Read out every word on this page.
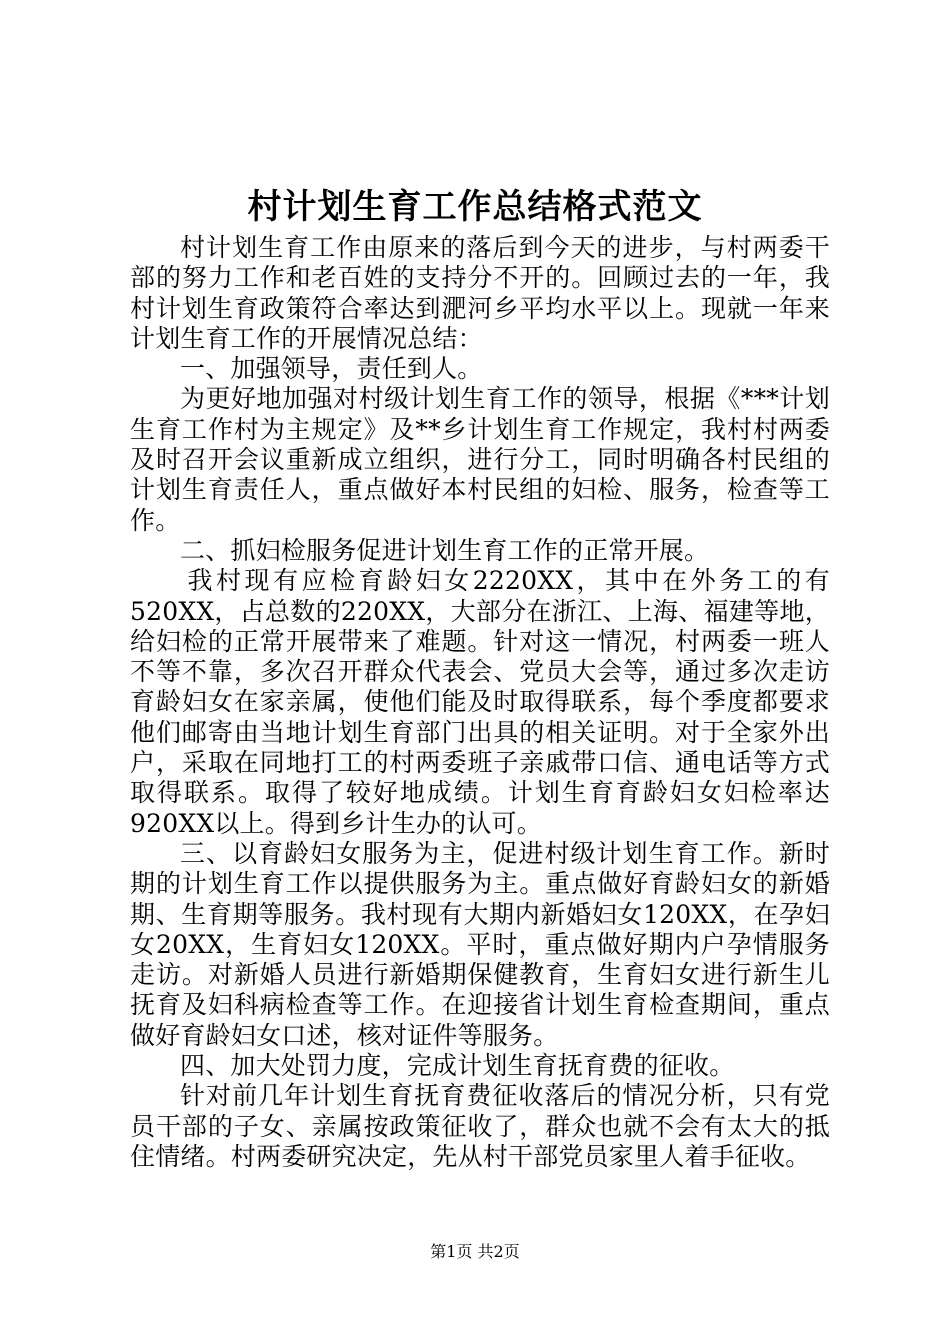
村计划生育工作总结格式范文

村计划生育工作由原来的落后到今天的进步，与村两委干部的努力工作和老百姓的支持分不开的。回顾过去的一年，我村计划生育政策符合率达到淝河乡平均水平以上。现就一年来计划生育工作的开展情况总结：

一、加强领导，责任到人。

为更好地加强对村级计划生育工作的领导，根据《***计划生育工作村为主规定》及**乡计划生育工作规定，我村村两委及时召开会议重新成立组织，进行分工，同时明确各村民组的计划生育责任人，重点做好本村民组的妇检、服务，检查等工作。

二、抓妇检服务促进计划生育工作的正常开展。

我村现有应检育龄妇女2220XX，其中在外务工的有520XX，占总数的220XX，大部分在浙江、上海、福建等地，给妇检的正常开展带来了难题。针对这一情况，村两委一班人不等不靠，多次召开群众代表会、党员大会等，通过多次走访育龄妇女在家亲属，使他们能及时取得联系，每个季度都要求他们邮寄由当地计划生育部门出具的相关证明。对于全家外出户，采取在同地打工的村两委班子亲戚带口信、通电话等方式取得联系。取得了较好地成绩。计划生育育龄妇女妇检率达920XX以上。得到乡计生办的认可。

三、以育龄妇女服务为主，促进村级计划生育工作。新时期的计划生育工作以提供服务为主。重点做好育龄妇女的新婚期、生育期等服务。我村现有大期内新婚妇女120XX，在孕妇女20XX，生育妇女120XX。平时，重点做好期内户孕情服务走访。对新婚人员进行新婚期保健教育，生育妇女进行新生儿抚育及妇科病检查等工作。在迎接省计划生育检查期间，重点做好育龄妇女口述，核对证件等服务。

四、加大处罚力度，完成计划生育抚育费的征收。

针对前几年计划生育抚育费征收落后的情况分析，只有党员干部的子女、亲属按政策征收了，群众也就不会有太大的抵住情绪。村两委研究决定，先从村干部党员家里人着手征收。

第1页 共2页
